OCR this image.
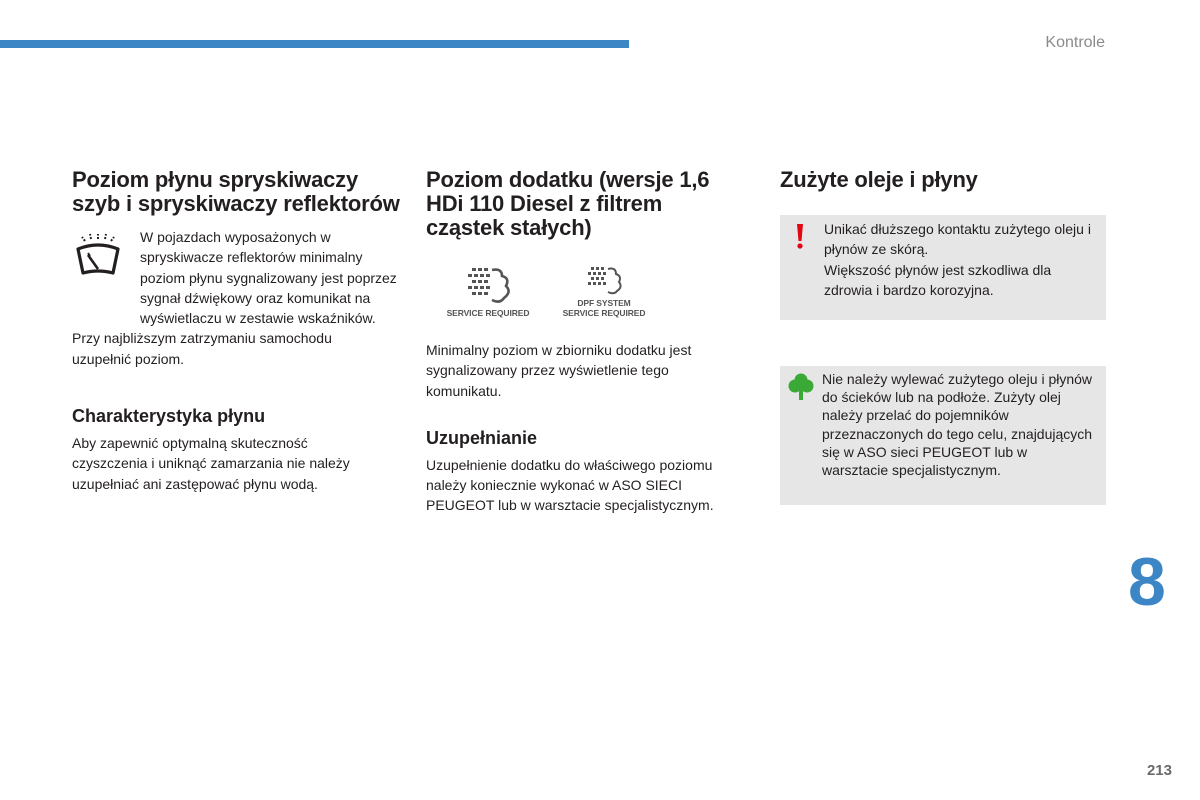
Kontrole
Poziom płynu spryskiwaczy szyb i spryskiwaczy reflektorów

W pojazdach wyposażonych w spryskiwacze reflektorów minimalny poziom płynu sygnalizowany jest poprzez sygnał dźwiękowy oraz komunikat na wyświetlaczu w zestawie wskaźników.

Przy najbliższym zatrzymaniu samochodu uzupełnić poziom.

Charakterystyka płynu

Aby zapewnić optymalną skuteczność czyszczenia i uniknąć zamarzania nie należy uzupełniać ani zastępować płynu wodą.

Poziom dodatku (wersje 1,6 HDi 110 Diesel z filtrem cząstek stałych)
SERVICE REQUIRED
DPF SYSTEM
SERVICE REQUIRED

Minimalny poziom w zbiorniku dodatku jest sygnalizowany przez wyświetlenie tego komunikatu.

Uzupełnianie

Uzupełnienie dodatku do właściwego poziomu należy koniecznie wykonać w ASO SIECI PEUGEOT lub w warsztacie specjalistycznym.

Zużyte oleje i płyny

Unikać dłuższego kontaktu zużytego oleju i płynów ze skórą.

Większość płynów jest szkodliwa dla zdrowia i bardzo korozyjna.

Nie należy wylewać zużytego oleju i płynów do ścieków lub na podłoże. Zużyty olej należy przelać do pojemników przeznaczonych do tego celu, znajdujących się w ASO sieci PEUGEOT lub w warsztacie specjalistycznym.

8
213
